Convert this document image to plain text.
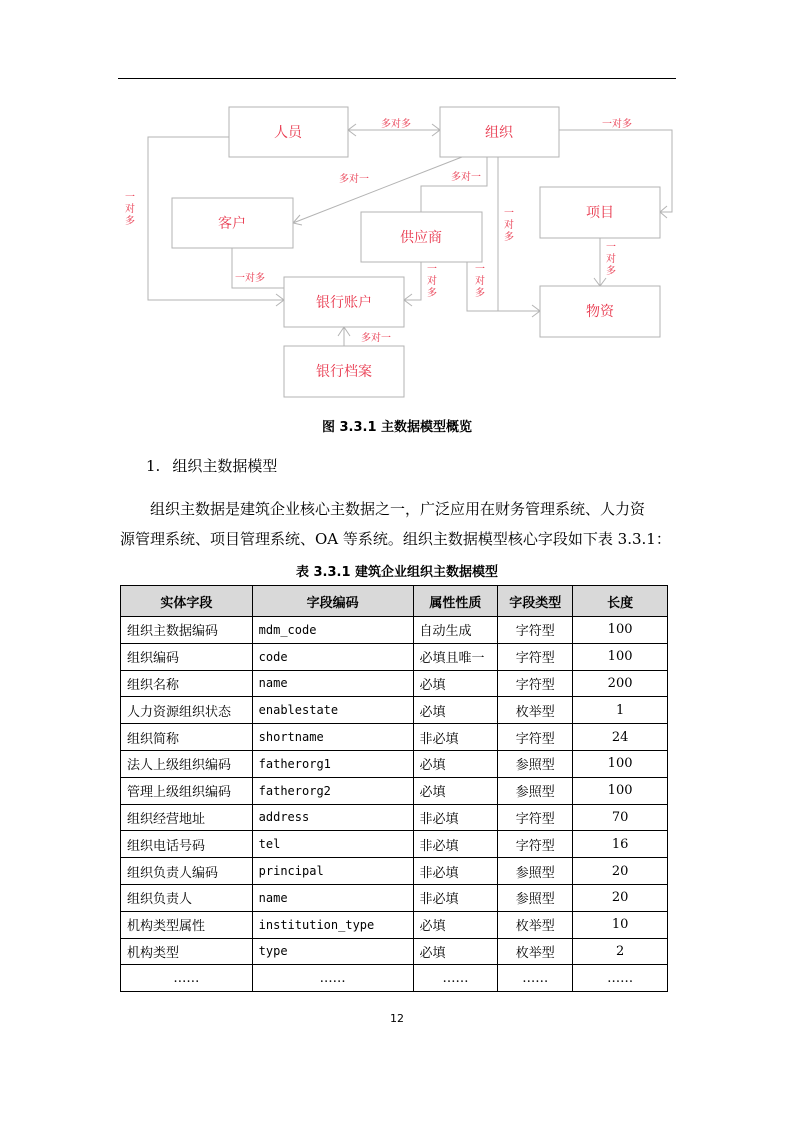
人员	组织
客户
供应商
项目
银行账户
物资
银行档案
多对多	一对多
多对一	多对一
一对多
多对一
一对多
一对多
一对多
一对多
一对多
图 3.3.1 主数据模型概览
1. 组织主数据模型
组织主数据是建筑企业核心主数据之一，广泛应用在财务管理系统、人力资
源管理系统、项目管理系统、OA 等系统。组织主数据模型核心字段如下表 3.3.1：
表 3.3.1 建筑企业组织主数据模型
实体字段	字段编码	属性性质	字段类型	长度
组织主数据编码	mdm_code	自动生成	字符型	100
组织编码	code	必填且唯一	字符型	100
组织名称	name	必填	字符型	200
人力资源组织状态	enablestate	必填	枚举型	1
组织简称	shortname	非必填	字符型	24
法人上级组织编码	fatherorg1	必填	参照型	100
管理上级组织编码	fatherorg2	必填	参照型	100
组织经营地址	address	非必填	字符型	70
组织电话号码	tel	非必填	字符型	16
组织负责人编码	principal	非必填	参照型	20
组织负责人	name	非必填	参照型	20
机构类型属性	institution_type	必填	枚举型	10
机构类型	type	必填	枚举型	2
……	……	……	……	……
12
